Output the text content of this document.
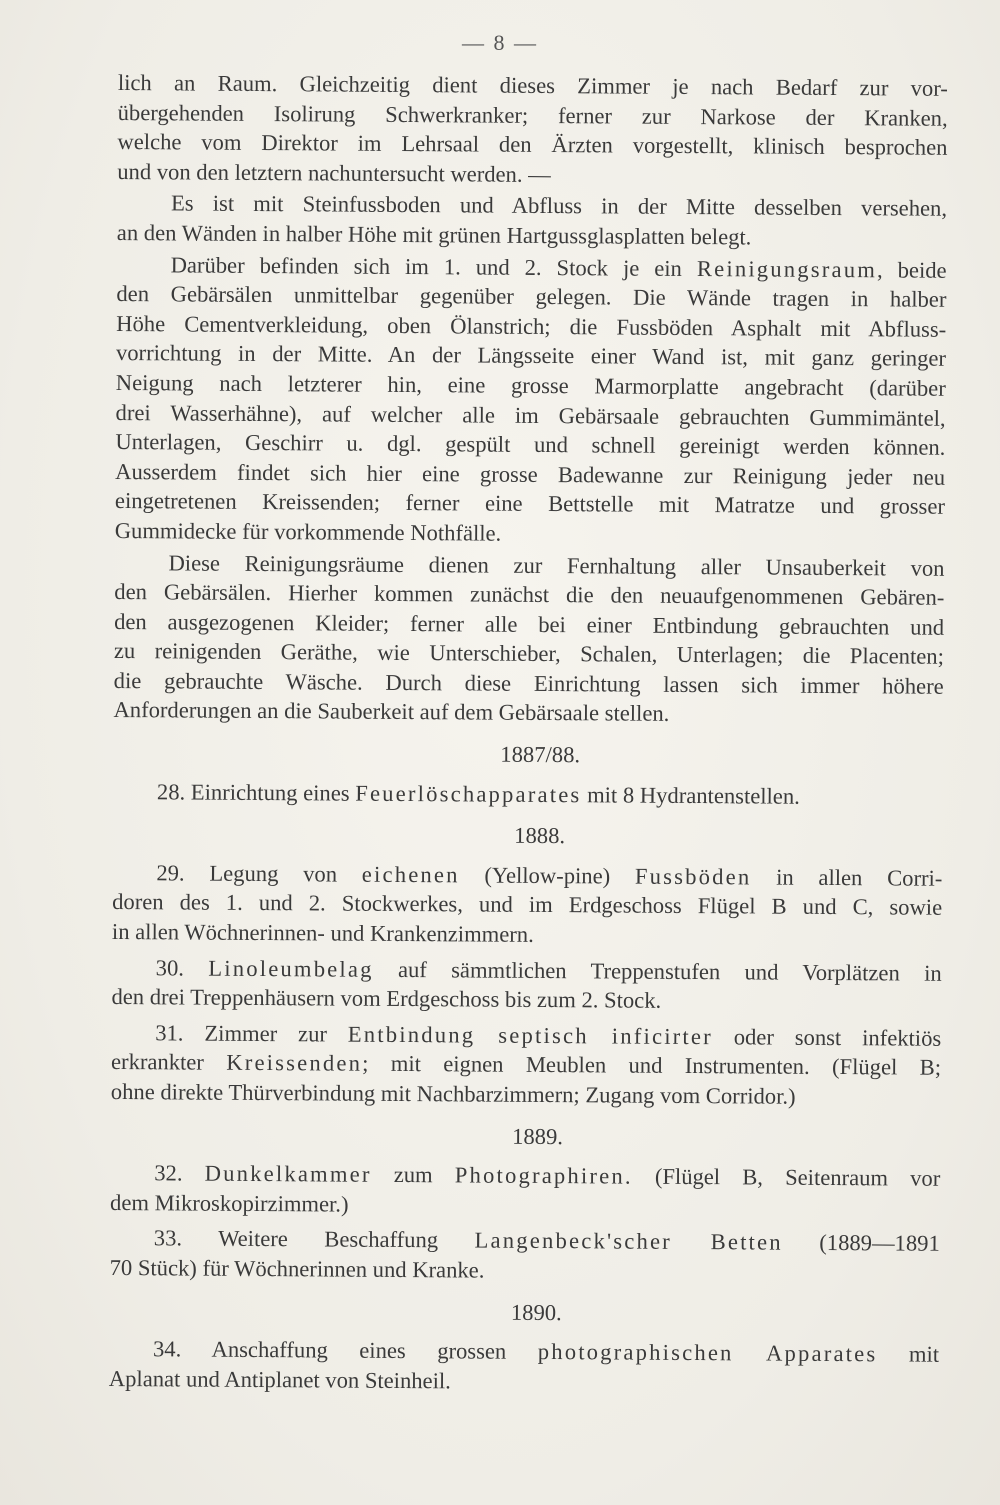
— 8 —
lich an Raum. Gleichzeitig dient dieses Zimmer je nach Bedarf zur vor-
übergehenden Isolirung Schwerkranker; ferner zur Narkose der Kranken,
welche vom Direktor im Lehrsaal den Ärzten vorgestellt, klinisch besprochen
und von den letztern nachuntersucht werden. —
Es ist mit Steinfussboden und Abfluss in der Mitte desselben versehen,
an den Wänden in halber Höhe mit grünen Hartgussglasplatten belegt.
Darüber befinden sich im 1. und 2. Stock je ein Reinigungsraum, beide
den Gebärsälen unmittelbar gegenüber gelegen. Die Wände tragen in halber
Höhe Cementverkleidung, oben Ölanstrich; die Fussböden Asphalt mit Abfluss-
vorrichtung in der Mitte. An der Längsseite einer Wand ist, mit ganz geringer
Neigung nach letzterer hin, eine grosse Marmorplatte angebracht (darüber
drei Wasserhähne), auf welcher alle im Gebärsaale gebrauchten Gummimäntel,
Unterlagen, Geschirr u. dgl. gespült und schnell gereinigt werden können.
Ausserdem findet sich hier eine grosse Badewanne zur Reinigung jeder neu
eingetretenen Kreissenden; ferner eine Bettstelle mit Matratze und grosser
Gummidecke für vorkommende Nothfälle.
Diese Reinigungsräume dienen zur Fernhaltung aller Unsauberkeit von
den Gebärsälen. Hierher kommen zunächst die den neuaufgenommenen Gebären-
den ausgezogenen Kleider; ferner alle bei einer Entbindung gebrauchten und
zu reinigenden Geräthe, wie Unterschieber, Schalen, Unterlagen; die Placenten;
die gebrauchte Wäsche. Durch diese Einrichtung lassen sich immer höhere
Anforderungen an die Sauberkeit auf dem Gebärsaale stellen.
1887/88.
28. Einrichtung eines Feuerlöschapparates mit 8 Hydrantenstellen.
1888.
29. Legung von eichenen (Yellow-pine) Fussböden in allen Corri-
doren des 1. und 2. Stockwerkes, und im Erdgeschoss Flügel B und C, sowie
in allen Wöchnerinnen- und Krankenzimmern.
30. Linoleumbelag auf sämmtlichen Treppenstufen und Vorplätzen in
den drei Treppenhäusern vom Erdgeschoss bis zum 2. Stock.
31. Zimmer zur Entbindung septisch inficirter oder sonst infektiös
erkrankter Kreissenden; mit eignen Meublen und Instrumenten. (Flügel B;
ohne direkte Thürverbindung mit Nachbarzimmern; Zugang vom Corridor.)
1889.
32. Dunkelkammer zum Photographiren. (Flügel B, Seitenraum vor
dem Mikroskopirzimmer.)
33. Weitere Beschaffung Langenbeck'scher Betten (1889—1891
70 Stück) für Wöchnerinnen und Kranke.
1890.
34. Anschaffung eines grossen photographischen Apparates mit
Aplanat und Antiplanet von Steinheil.
